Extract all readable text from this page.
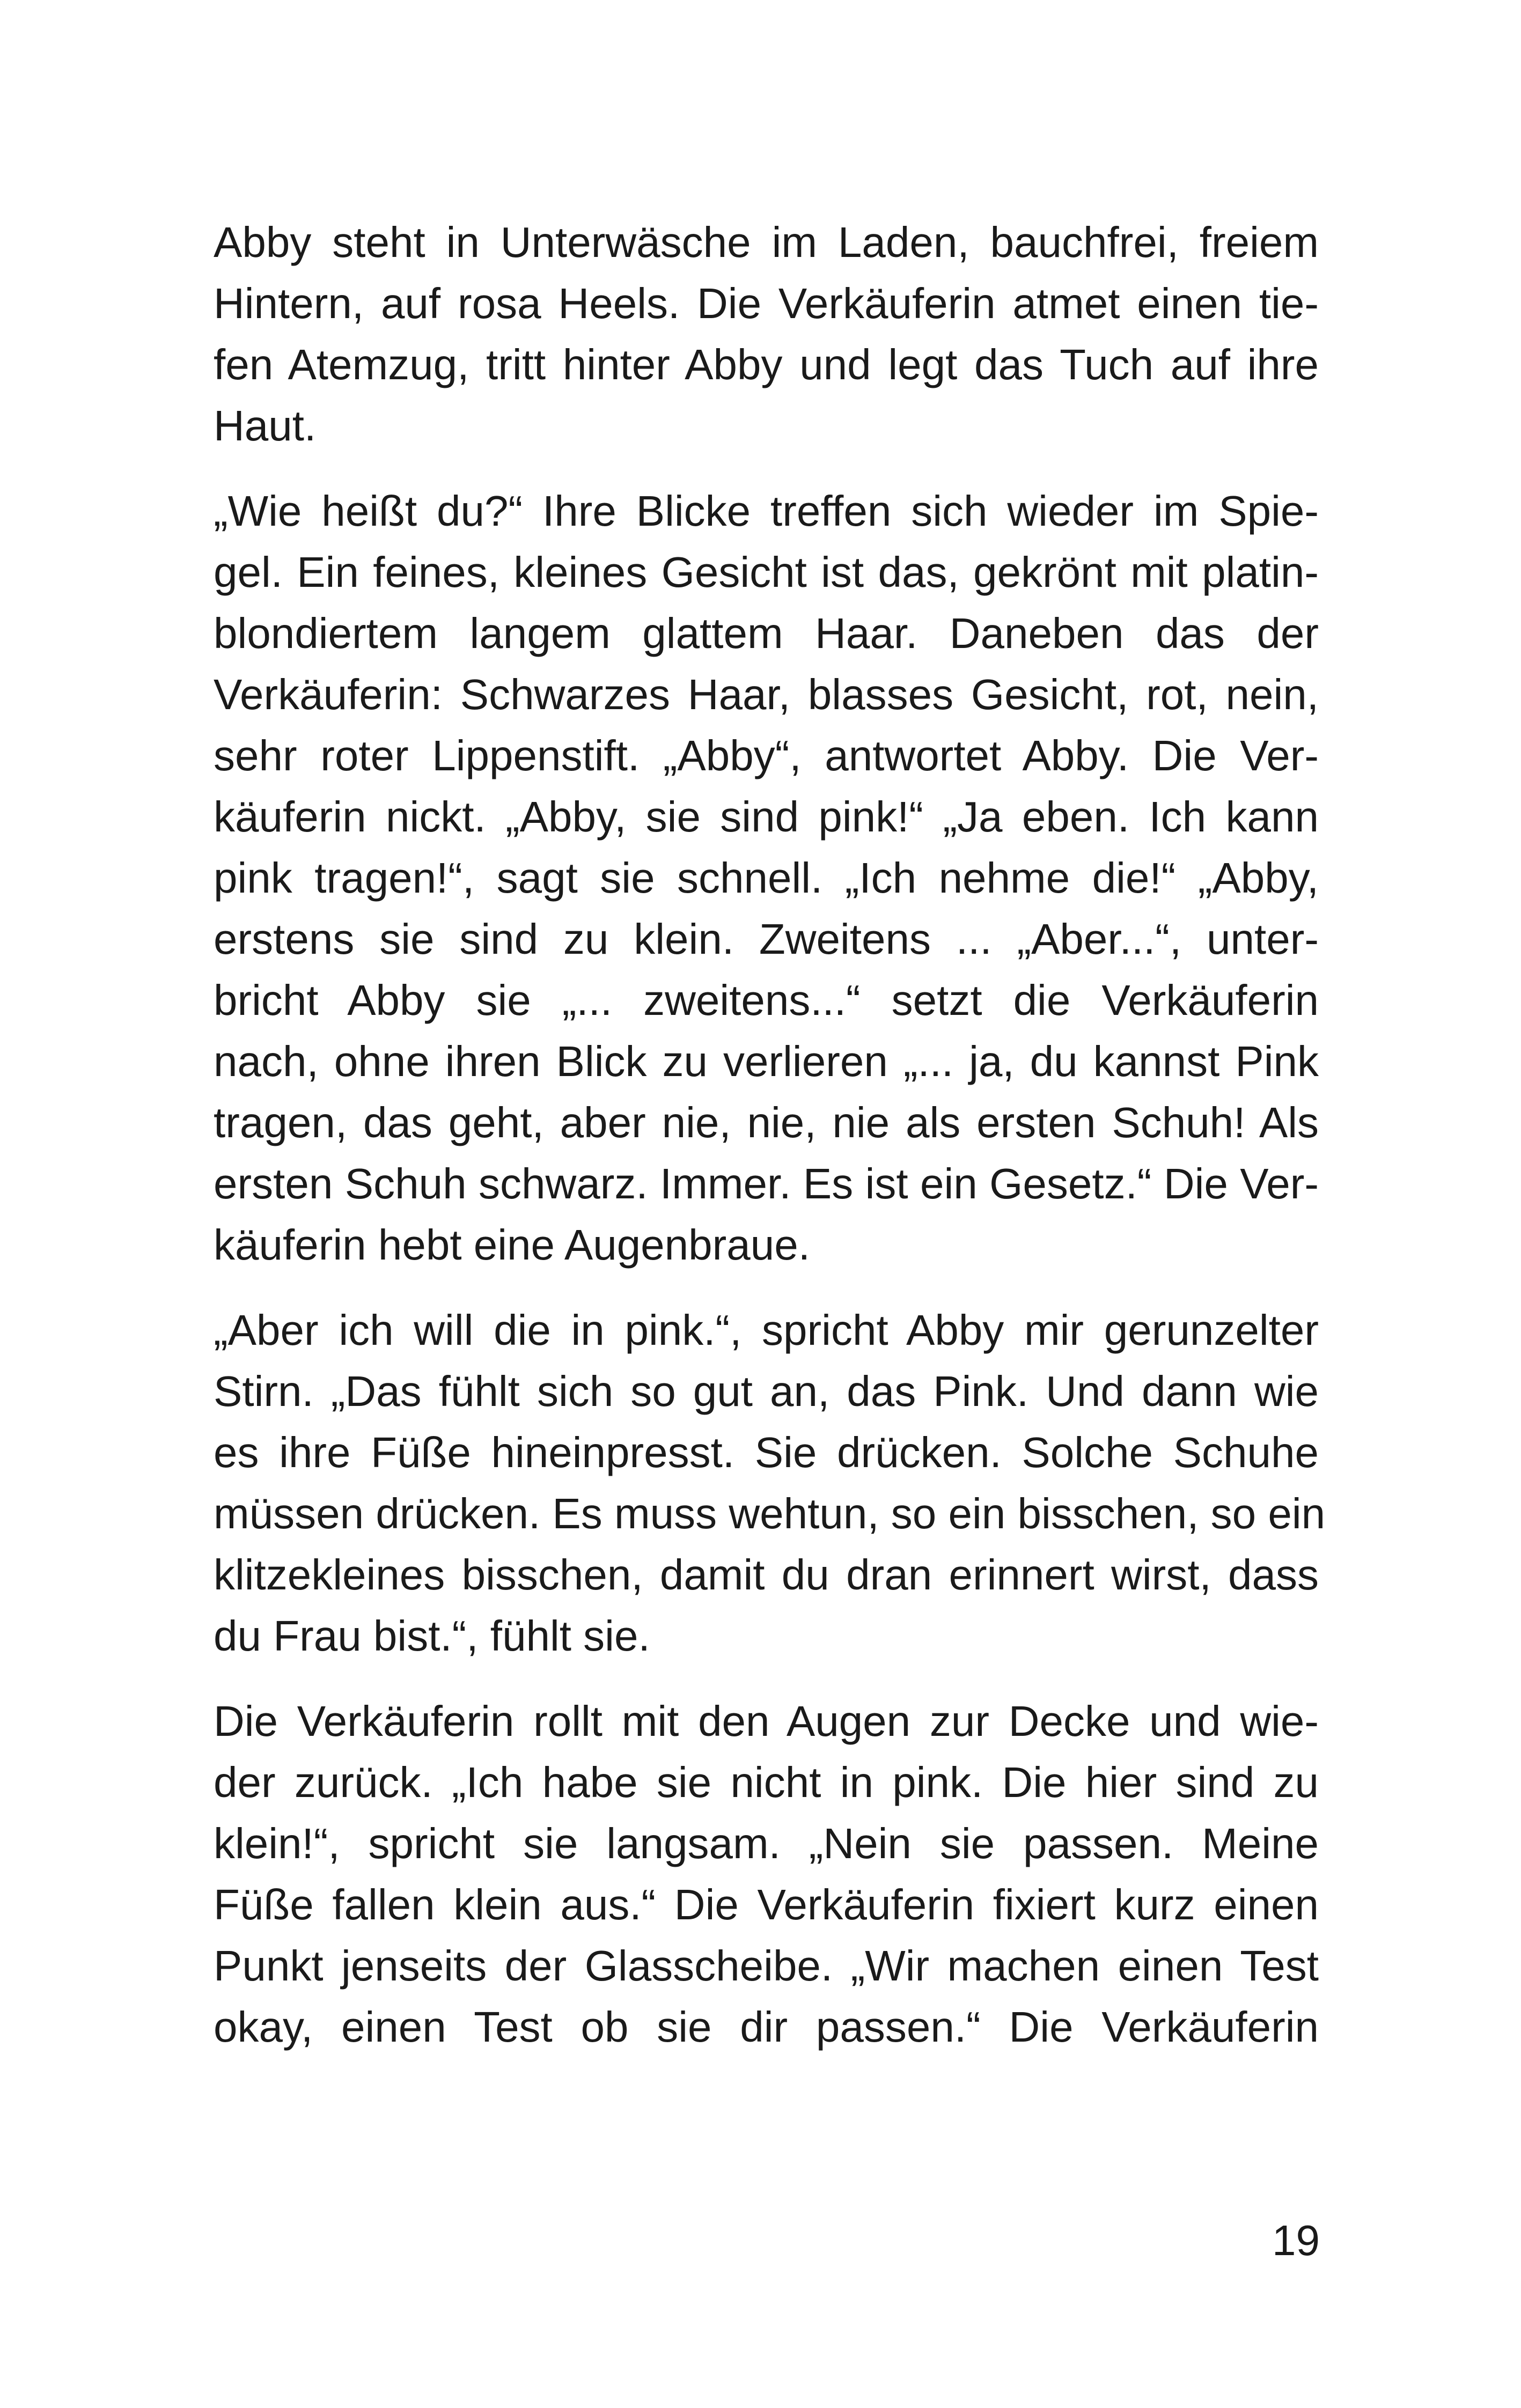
Abby steht in Unterwäsche im Laden, bauchfrei, freiem
Hintern, auf rosa Heels. Die Verkäuferin atmet einen tie-
fen Atemzug, tritt hinter Abby und legt das Tuch auf ihre
Haut.
„Wie heißt du?“ Ihre Blicke treffen sich wieder im Spie-
gel. Ein feines, kleines Gesicht ist das, gekrönt mit platin-
blondiertem langem glattem Haar. Daneben das der
Verkäuferin: Schwarzes Haar, blasses Gesicht, rot, nein,
sehr roter Lippenstift. „Abby“, antwortet Abby. Die Ver-
käuferin nickt. „Abby, sie sind pink!“ „Ja eben. Ich kann
pink tragen!“, sagt sie schnell. „Ich nehme die!“ „Abby,
erstens sie sind zu klein. Zweitens ... „Aber...“, unter-
bricht Abby sie „... zweitens...“ setzt die Verkäuferin
nach, ohne ihren Blick zu verlieren „... ja, du kannst Pink
tragen, das geht, aber nie, nie, nie als ersten Schuh! Als
ersten Schuh schwarz. Immer. Es ist ein Gesetz.“ Die Ver-
käuferin hebt eine Augenbraue.
„Aber ich will die in pink.“, spricht Abby mir gerunzelter
Stirn. „Das fühlt sich so gut an, das Pink. Und dann wie
es ihre Füße hineinpresst. Sie drücken. Solche Schuhe
müssen drücken. Es muss wehtun, so ein bisschen, so ein
klitzekleines bisschen, damit du dran erinnert wirst, dass
du Frau bist.“, fühlt sie.
Die Verkäuferin rollt mit den Augen zur Decke und wie-
der zurück. „Ich habe sie nicht in pink. Die hier sind zu
klein!“, spricht sie langsam. „Nein sie passen. Meine
Füße fallen klein aus.“ Die Verkäuferin fixiert kurz einen
Punkt jenseits der Glasscheibe. „Wir machen einen Test
okay, einen Test ob sie dir passen.“ Die Verkäuferin
19
